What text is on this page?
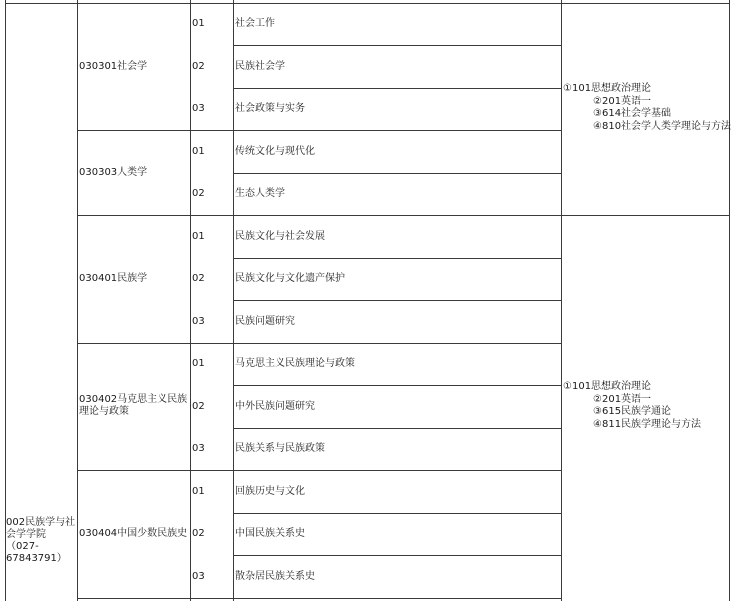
002民族学与社会学学院（027-67843791）
030301社会学
030303人类学
030401民族学
030402马克思主义民族理论与政策
030404中国少数民族史
01
02
03
01
02
01
02
03
01
02
03
01
02
03
社会工作
民族社会学
社会政策与实务
传统文化与现代化
生态人类学
民族文化与社会发展
民族文化与文化遗产保护
民族问题研究
马克思主义民族理论与政策
中外民族问题研究
民族关系与民族政策
回族历史与文化
中国民族关系史
散杂居民族关系史
①101思想政治理论
②201英语一
③614社会学基础
④810社会学人类学理论与方法
①101思想政治理论
②201英语一
③615民族学通论
④811民族学理论与方法
